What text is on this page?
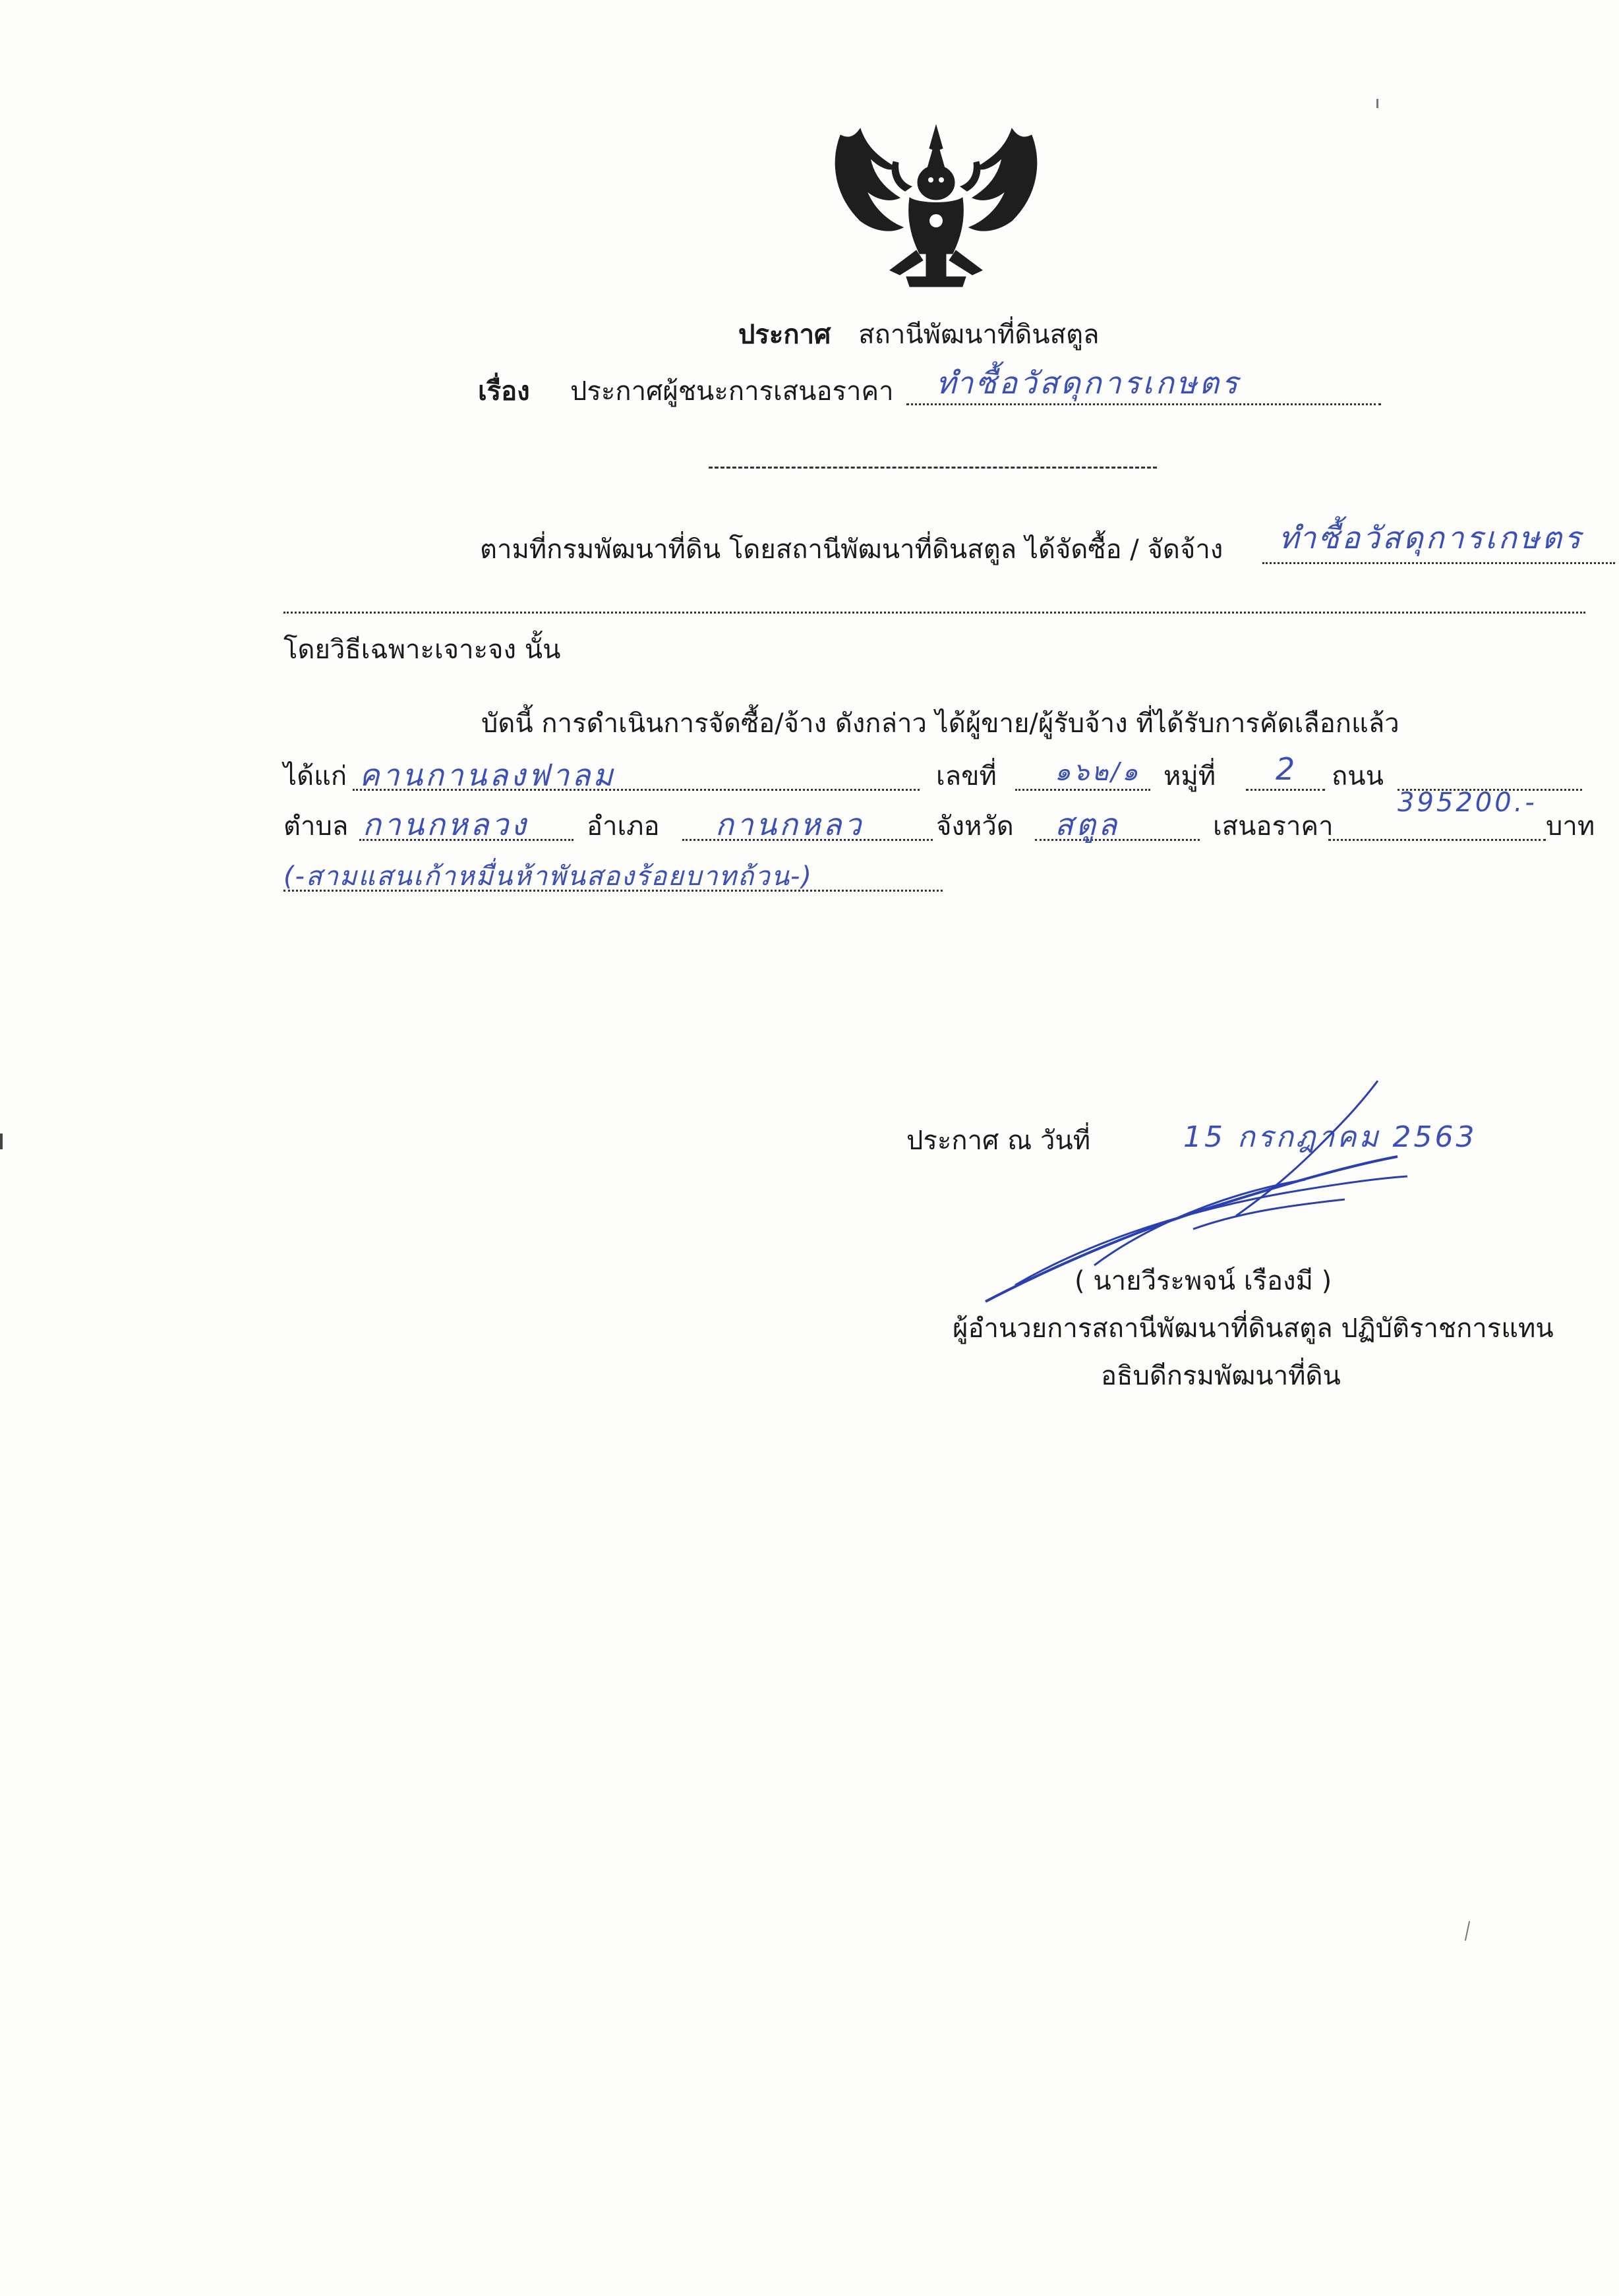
ประกาศ สถานีพัฒนาที่ดินสตูล
เรื่อง ประกาศผู้ชนะการเสนอราคา ทำซื้อวัสดุการเกษตร
ตามที่กรมพัฒนาที่ดิน โดยสถานีพัฒนาที่ดินสตูล ได้จัดซื้อ / จัดจ้าง ทำซื้อวัสดุการเกษตร
โดยวิธีเฉพาะเจาะจง นั้น
บัดนี้ การดำเนินการจัดซื้อ/จ้าง ดังกล่าว ได้ผู้ขาย/ผู้รับจ้าง ที่ได้รับการคัดเลือกแล้ว
ได้แก่ คานกานลงฟาลม	เลขที่ ๑๖๒/๑ หมู่ที่ 2 ถนน
ตำบล กานกหลวง อำเภอ กานกหลว	จังหวัด สตูล	เสนอราคา
395200.-
บาท
(-สามแสนเก้าหมื่นห้าพันสองร้อยบาทถ้วน-)
ประกาศ ณ วันที่	15 กรกฎาคม 2563
( นายวีระพจน์ เรืองมี )
ผู้อำนวยการสถานีพัฒนาที่ดินสตูล ปฏิบัติราชการแทน
อธิบดีกรมพัฒนาที่ดิน
